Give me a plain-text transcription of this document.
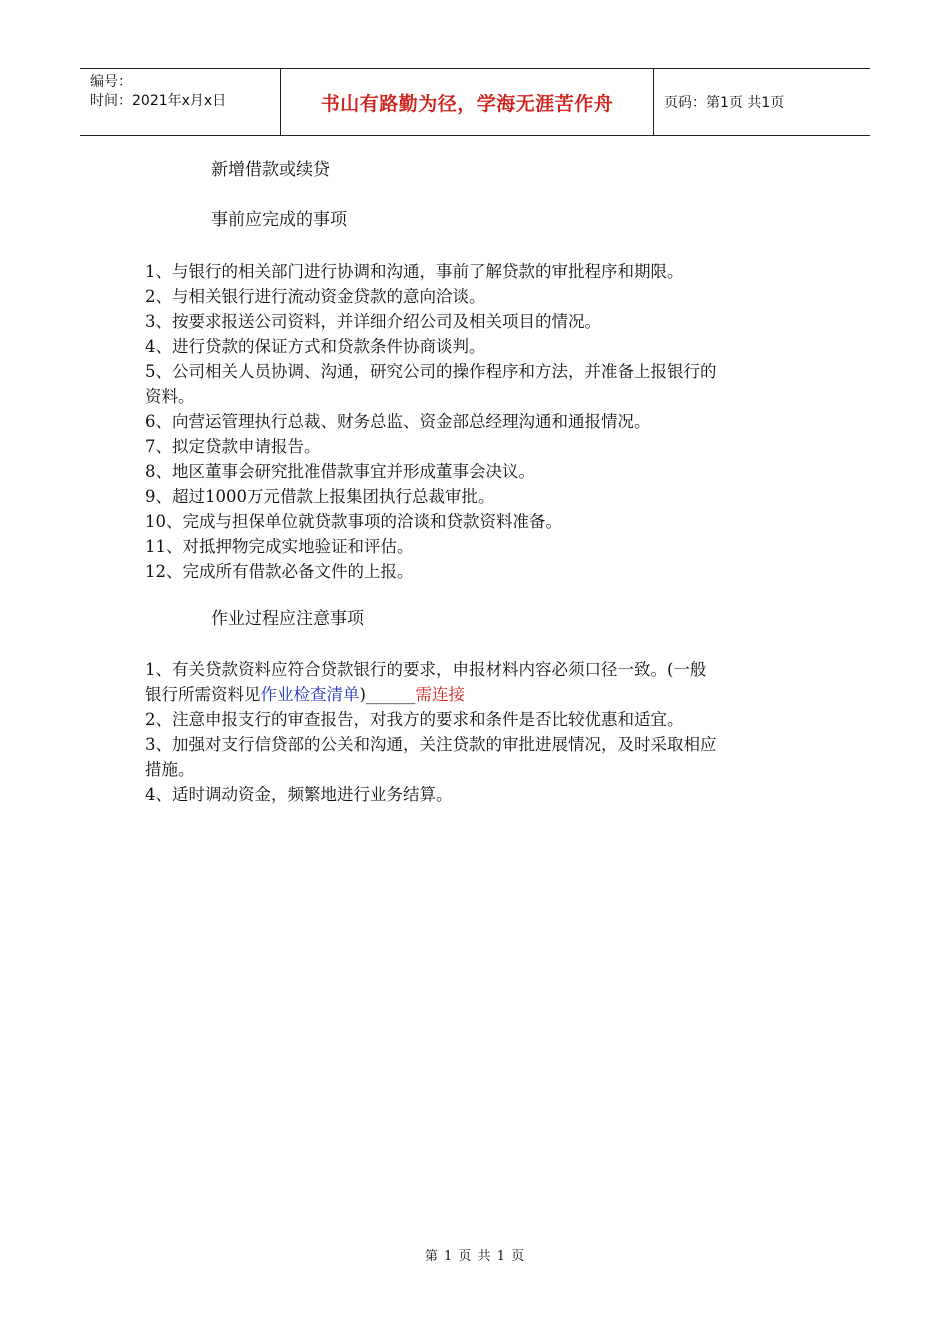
编号：
时间：2021年x月x日	书山有路勤为径，学海无涯苦作舟	页码：第1页 共1页
新增借款或续贷
事前应完成的事项
1、与银行的相关部门进行协调和沟通，事前了解贷款的审批程序和期限。
2、与相关银行进行流动资金贷款的意向洽谈。
3、按要求报送公司资料，并详细介绍公司及相关项目的情况。
4、进行贷款的保证方式和贷款条件协商谈判。
5、公司相关人员协调、沟通，研究公司的操作程序和方法，并准备上报银行的
资料。
6、向营运管理执行总裁、财务总监、资金部总经理沟通和通报情况。
7、拟定贷款申请报告。
8、地区董事会研究批准借款事宜并形成董事会决议。
9、超过1000万元借款上报集团执行总裁审批。
10、完成与担保单位就贷款事项的洽谈和贷款资料准备。
11、对抵押物完成实地验证和评估。
12、完成所有借款必备文件的上报。
作业过程应注意事项
1、有关贷款资料应符合贷款银行的要求，申报材料内容必须口径一致。(一般
银行所需资料见作业检查清单)______需连接
2、注意申报支行的审查报告，对我方的要求和条件是否比较优惠和适宜。
3、加强对支行信贷部的公关和沟通，关注贷款的审批进展情况，及时采取相应
措施。
4、适时调动资金，频繁地进行业务结算。
第 1 页 共 1 页
